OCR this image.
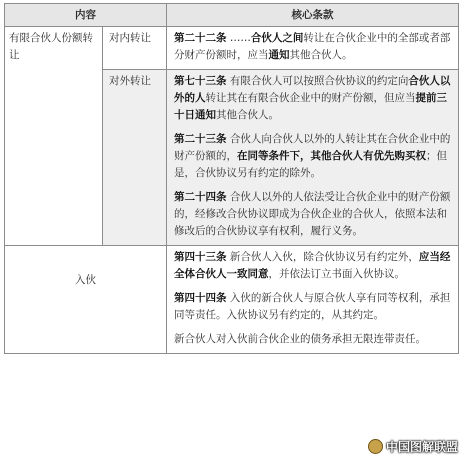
内容		核心条款
有限合伙人份额转让	对内转让	第二十二条 ……合伙人之间转让在合伙企业中的全部或者部分财产份额时，应当通知其他合伙人。

	对外转让	第七十三条 有限合伙人可以按照合伙协议的约定向合伙人以外的人转让其在有限合伙企业中的财产份额，但应当提前三十日通知其他合伙人。

第二十三条 合伙人向合伙人以外的人转让其在合伙企业中的财产份额的，在同等条件下，其他合伙人有优先购买权；但是，合伙协议另有约定的除外。

第二十四条 合伙人以外的人依法受让合伙企业中的财产份额的，经修改合伙协议即成为合伙企业的合伙人，依照本法和修改后的合伙协议享有权利，履行义务。

入伙		第四十三条 新合伙人入伙，除合伙协议另有约定外，应当经全体合伙人一致同意，并依法订立书面入伙协议。

第四十四条 入伙的新合伙人与原合伙人享有同等权利，承担同等责任。入伙协议另有约定的，从其约定。

新合伙人对入伙前合伙企业的债务承担无限连带责任。

中国图解联盟
